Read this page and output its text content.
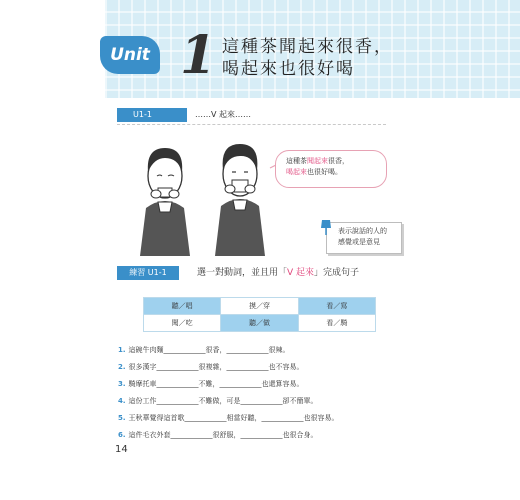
Unit 1 這種茶聞起來很香，
喝起來也很好喝
U1-1	……V 起來……
這種茶聞起來很香，
喝起來也很好喝。
表示說話的人的
感覺或是意見
練習 U1-1	選一對動詞，並且用「V 起來」完成句子
聽／唱	摸／穿	看／寫
聞／吃	聽／做	看／騎
1. 這碗牛肉麵____________很香，____________很辣。
2. 很多漢字____________很複雜，____________也不容易。
3. 騎摩托車____________不難，____________也還算容易。
4. 這份工作____________不難做，可是____________卻不簡單。
5. 王秋華覺得這首歌____________相當好聽，____________也很容易。
6. 這件毛衣外套____________很舒服，____________也很合身。
14
